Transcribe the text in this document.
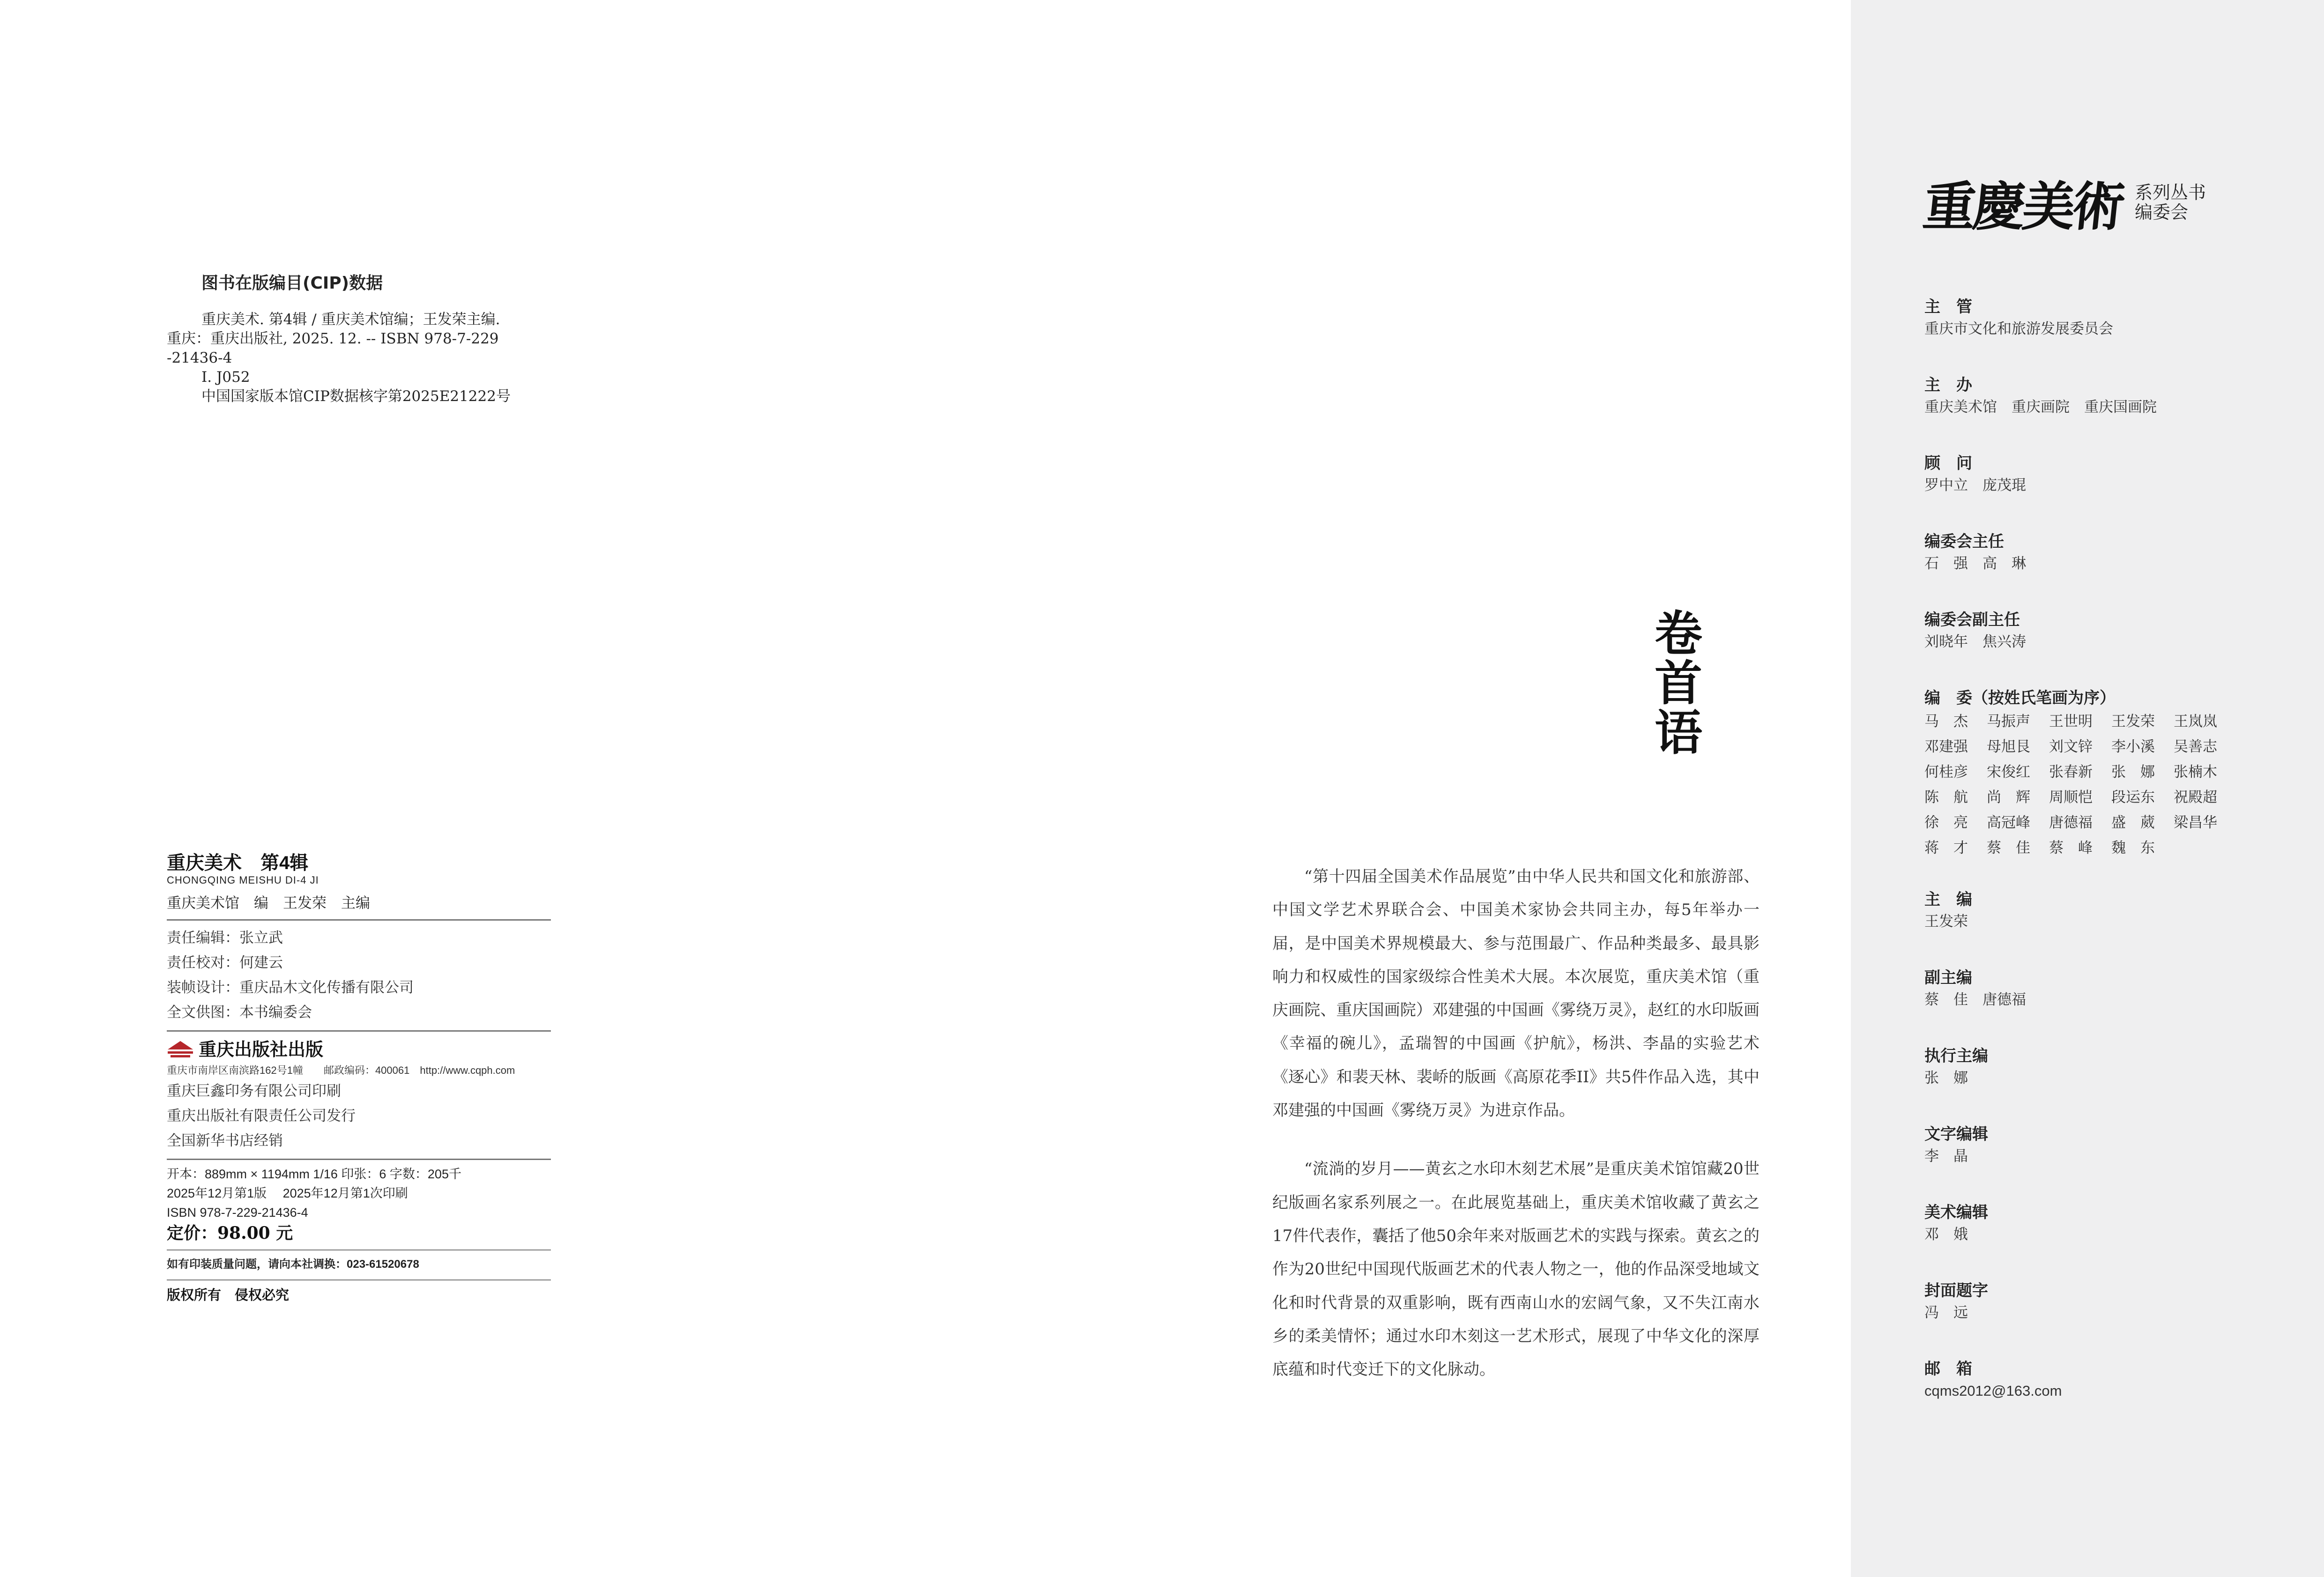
图书在版编目(CIP)数据
重庆美术. 第4辑 / 重庆美术馆编；王发荣主编.
重庆：重庆出版社, 2025. 12. -- ISBN 978-7-229
-21436-4
Ⅰ. J052
中国国家版本馆CIP数据核字第2025E21222号
重庆美术 第4辑
CHONGQING MEISHU DI-4 JI
重庆美术馆　编　王发荣　主编
责任编辑：张立武
责任校对：何建云
装帧设计：重庆品木文化传播有限公司
全文供图：本书编委会
重庆出版社出版
重庆市南岸区南滨路162号1幢　　邮政编码：400061　http://www.cqph.com
重庆巨鑫印务有限公司印刷
重庆出版社有限责任公司发行
全国新华书店经销
开本：889mm × 1194mm 1/16 印张：6 字数：205千
2025年12月第1版　 2025年12月第1次印刷
ISBN 978-7-229-21436-4
定价：98.00 元
如有印装质量问题，请向本社调换：023-61520678
版权所有　侵权必究
卷
首
语

“第十四届全国美术作品展览”由中华人民共和国文化和旅游部、中国文学艺术界联合会、中国美术家协会共同主办，每5年举办一届，是中国美术界规模最大、参与范围最广、作品种类最多、最具影响力和权威性的国家级综合性美术大展。本次展览，重庆美术馆（重庆画院、重庆国画院）邓建强的中国画《雾绕万灵》，赵红的水印版画《幸福的碗儿》，孟瑞智的中国画《护航》，杨洪、李晶的实验艺术《逐心》和裴天林、裴峤的版画《高原花季II》共5件作品入选，其中邓建强的中国画《雾绕万灵》为进京作品。

“流淌的岁月——黄玄之水印木刻艺术展”是重庆美术馆馆藏20世纪版画名家系列展之一。在此展览基础上，重庆美术馆收藏了黄玄之17件代表作，囊括了他50余年来对版画艺术的实践与探索。黄玄之的作为20世纪中国现代版画艺术的代表人物之一，他的作品深受地域文化和时代背景的双重影响，既有西南山水的宏阔气象，又不失江南水乡的柔美情怀；通过水印木刻这一艺术形式，展现了中华文化的深厚底蕴和时代变迁下的文化脉动。

重慶美術 系列丛书
编委会
主　管
重庆市文化和旅游发展委员会
主　办
重庆美术馆　重庆画院　重庆国画院
顾　问
罗中立　庞茂琨
编委会主任
石　强　高　琳
编委会副主任
刘晓年　焦兴涛
编　委（按姓氏笔画为序）
马　杰	马振声	王世明	王发荣	王岚岚
邓建强	母旭艮	刘文锌	李小溪	吴善志
何桂彦	宋俊红	张春新	张　娜	张楠木
陈　航	尚　辉	周顺恺	段运东	祝殿超
徐　亮	高冠峰	唐德福	盛　葳	梁昌华
蒋　才	蔡　佳	蔡　峰	魏　东
主　编
王发荣
副主编
蔡　佳　唐德福
执行主编
张　娜
文字编辑
李　晶
美术编辑
邓　娥
封面题字
冯　远
邮　箱
cqms2012@163.com
